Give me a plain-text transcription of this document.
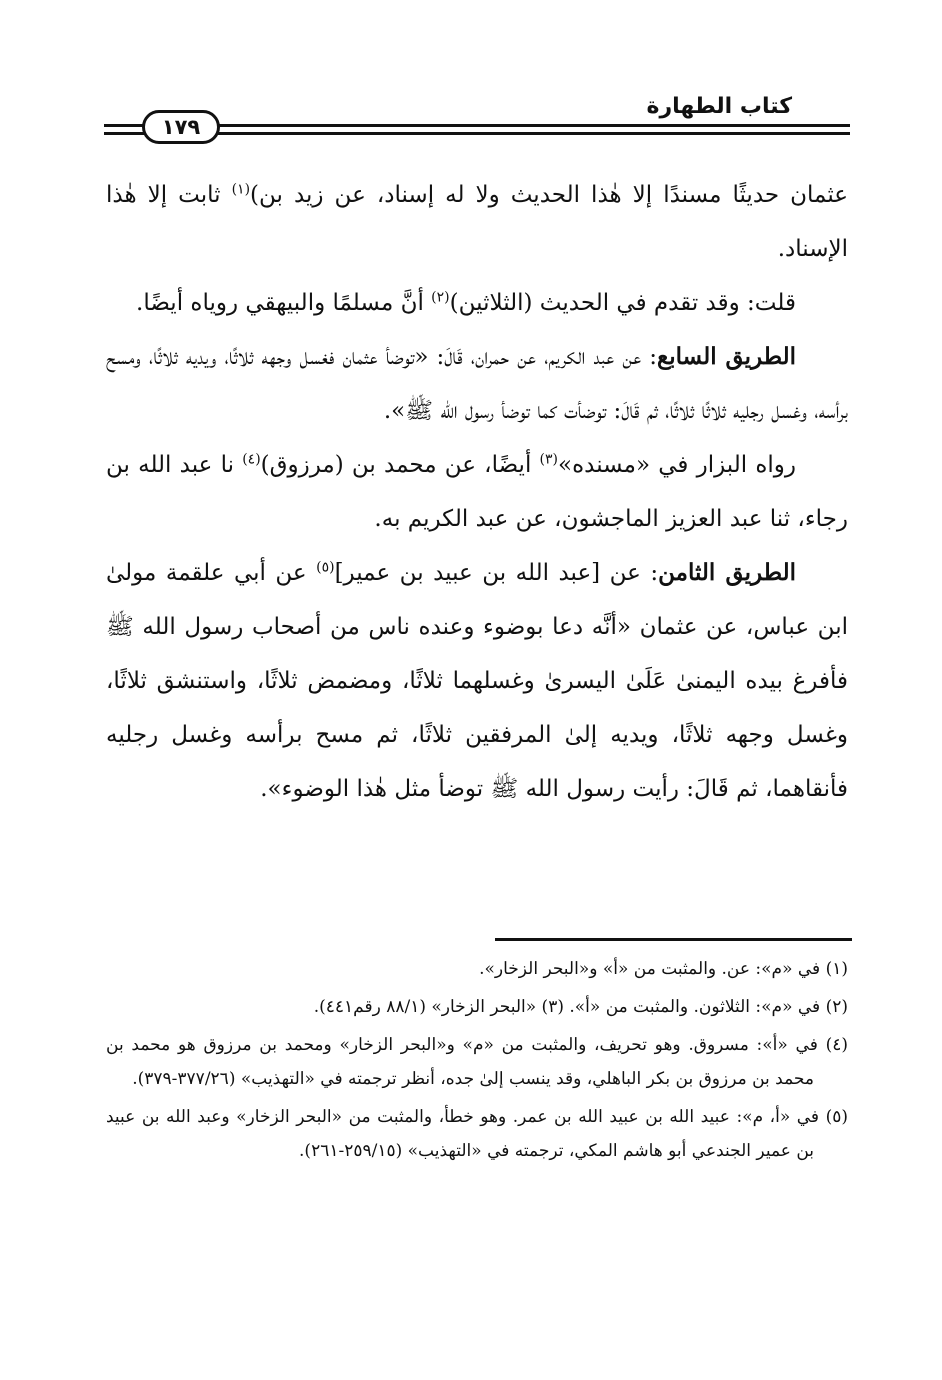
كتاب الطهارة
١٧٩

عثمان حديثًا مسندًا إلا هٰذا الحديث ولا له إسناد، عن زيد بن)$^{(١)}$ ثابت إلا هٰذا الإسناد.

قلت: وقد تقدم في الحديث (الثلاثين)$^{(٢)}$ أنَّ مسلمًا والبيهقي روياه أيضًا.

الطريق السابع: عن عبد الكريم، عن حمران، قَالَ: «توضأ عثمان فغسل وجهه ثلاثًا، ويديه ثلاثًا، ومسح برأسه، وغسل رجليه ثلاثًا ثلاثًا، ثم قَالَ: توضأت كما توضأ رسول الله ﷺ».

رواه البزار في «مسنده»$^{(٣)}$ أيضًا، عن محمد بن (مرزوق)$^{(٤)}$ نا عبد الله بن رجاء، ثنا عبد العزيز الماجشون، عن عبد الكريم به.

الطريق الثامن: عن [عبد الله بن عبيد بن عمير]$^{(٥)}$ عن أبي علقمة مولىٰ ابن عباس، عن عثمان «أنَّه دعا بوضوء وعنده ناس من أصحاب رسول الله ﷺ فأفرغ بيده اليمنىٰ عَلَىٰ اليسرىٰ وغسلهما ثلاثًا، ومضمض ثلاثًا، واستنشق ثلاثًا، وغسل وجهه ثلاثًا، ويديه إلىٰ المرفقين ثلاثًا، ثم مسح برأسه وغسل رجليه فأنقاهما، ثم قَالَ: رأيت رسول الله ﷺ توضأ مثل هٰذا الوضوء».

(١) في «م»: عن. والمثبت من «أ» و«البحر الزخار».

(٢) في «م»: الثلاثون. والمثبت من «أ». (٣) «البحر الزخار» (٨٨/١ رقم٤٤١).

(٤) في «أ»: مسروق. وهو تحريف، والمثبت من «م» و«البحر الزخار» ومحمد بن مرزوق هو محمد بن محمد بن مرزوق بن بكر الباهلي، وقد ينسب إلىٰ جده، أنظر ترجمته في «التهذيب» (٣٧٧/٢٦-٣٧٩).

(٥) في «أ، م»: عبيد الله بن عبيد الله بن عمر. وهو خطأ، والمثبت من «البحر الزخار» وعبد الله بن عبيد بن عمير الجندعي أبو هاشم المكي، ترجمته في «التهذيب» (٢٥٩/١٥-٢٦١).
